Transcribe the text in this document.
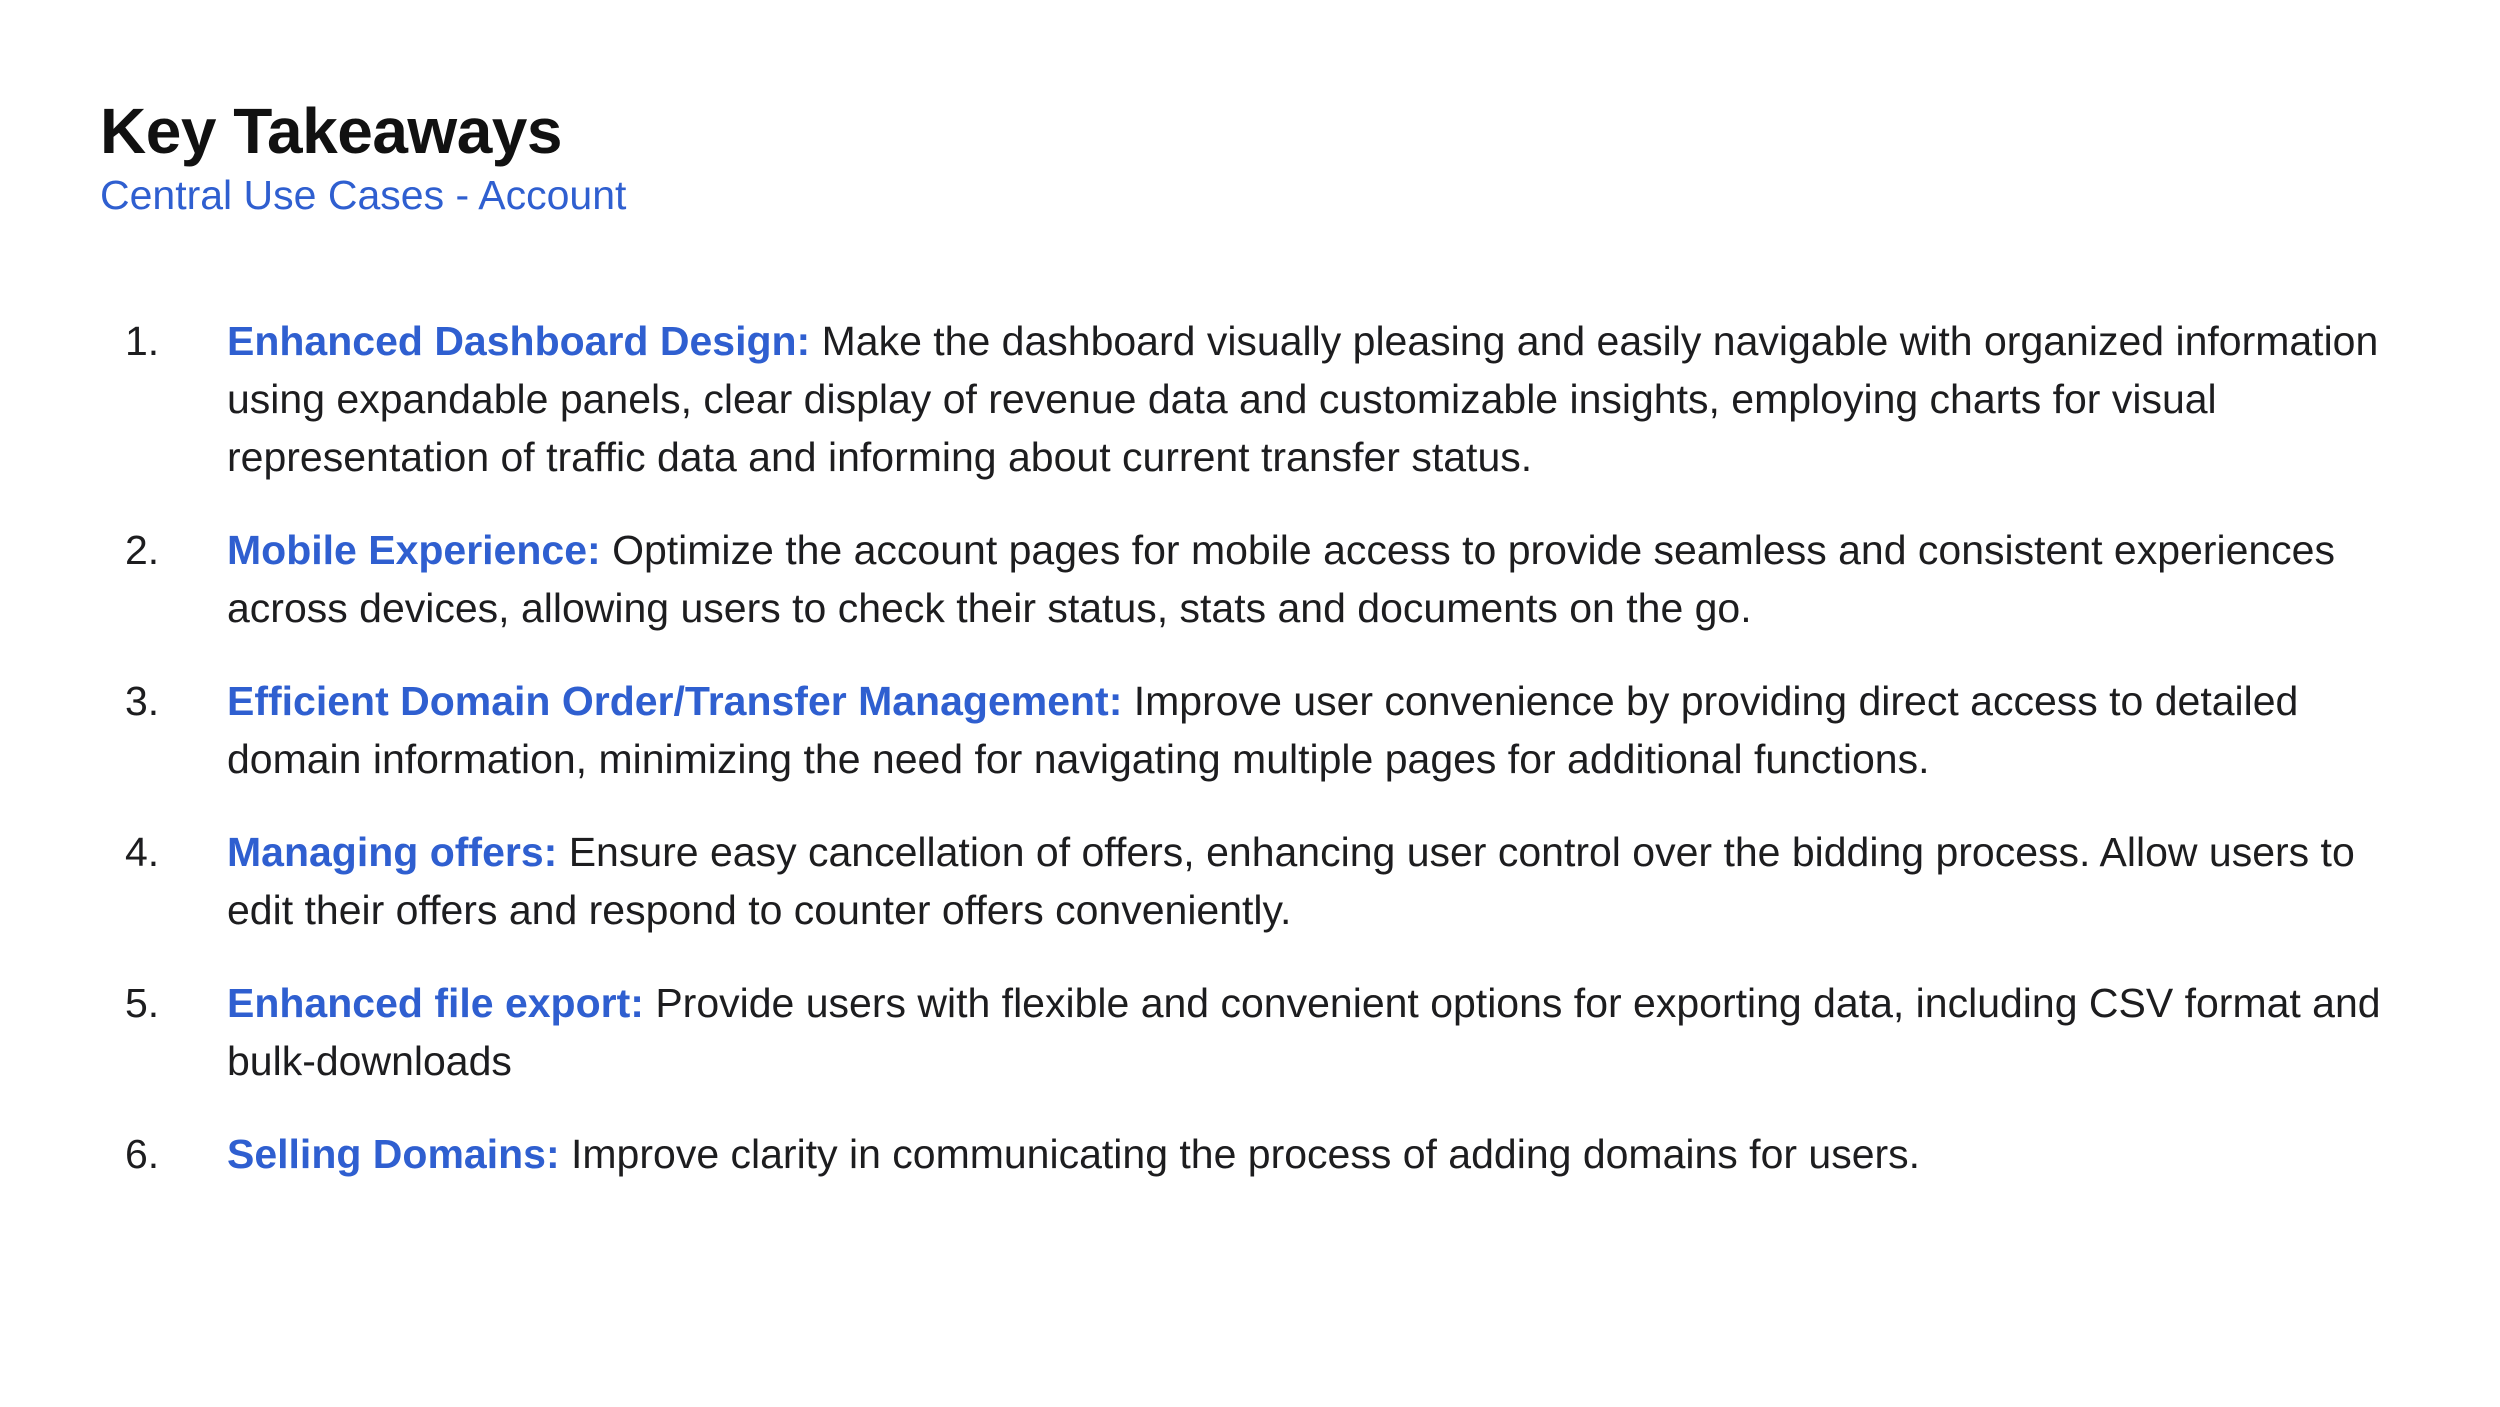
Key Takeaways

Central Use Cases - Account

1.	Enhanced Dashboard Design: Make the dashboard visually pleasing and easily navigable with organized information using expandable panels, clear display of revenue data and customizable insights, employing charts for visual representation of traffic data and informing about current transfer status.
2.	Mobile Experience: Optimize the account pages for mobile access to provide seamless and consistent experiences across devices, allowing users to check their status, stats and documents on the go.
3.	Efficient Domain Order/Transfer Management: Improve user convenience by providing direct access to detailed domain information, minimizing the need for navigating multiple pages for additional functions.
4.	Managing offers: Ensure easy cancellation of offers, enhancing user control over the bidding process. Allow users to edit their offers and respond to counter offers conveniently.
5.	Enhanced file export: Provide users with flexible and convenient options for exporting data, including CSV format and bulk-downloads
6.	Selling Domains: Improve clarity in communicating the process of adding domains for users.
